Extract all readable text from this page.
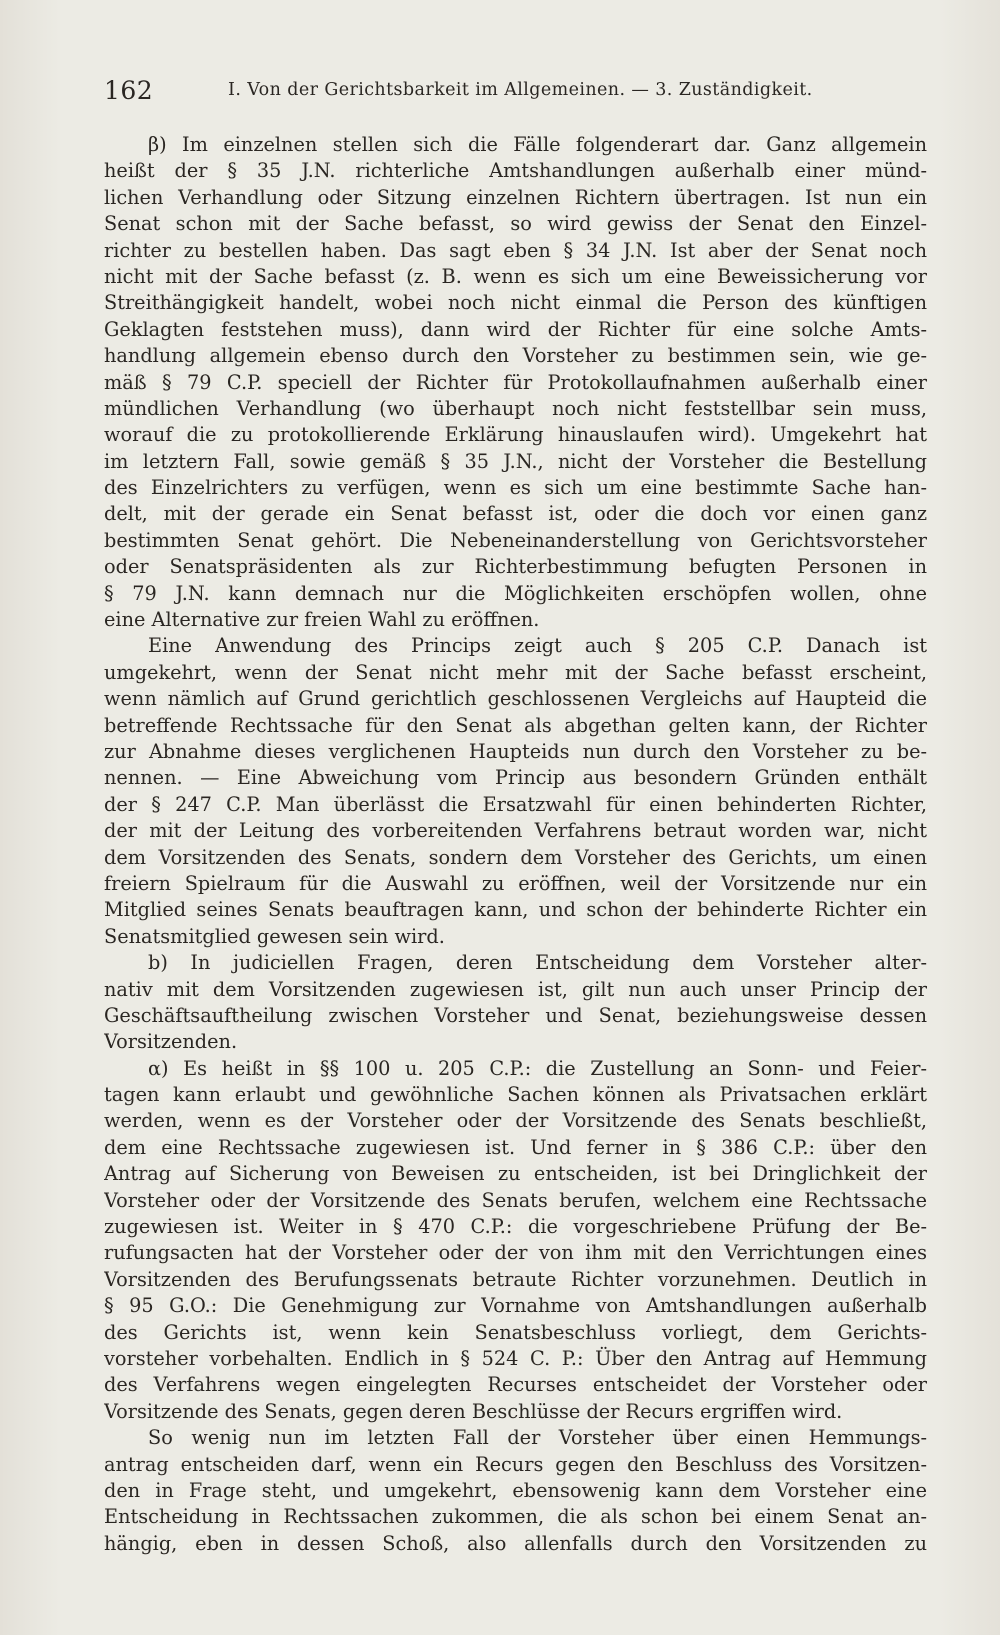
162	I. Von der Gerichtsbarkeit im Allgemeinen. — 3. Zuständigkeit.
β) Im einzelnen stellen sich die Fälle folgenderart dar. Ganz allgemein
heißt der § 35 J.N. richterliche Amtshandlungen außerhalb einer münd-
lichen Verhandlung oder Sitzung einzelnen Richtern übertragen. Ist nun ein
Senat schon mit der Sache befasst, so wird gewiss der Senat den Einzel-
richter zu bestellen haben. Das sagt eben § 34 J.N. Ist aber der Senat noch
nicht mit der Sache befasst (z. B. wenn es sich um eine Beweissicherung vor
Streithängigkeit handelt, wobei noch nicht einmal die Person des künftigen
Geklagten feststehen muss), dann wird der Richter für eine solche Amts-
handlung allgemein ebenso durch den Vorsteher zu bestimmen sein, wie ge-
mäß § 79 C.P. speciell der Richter für Protokollaufnahmen außerhalb einer
mündlichen Verhandlung (wo überhaupt noch nicht feststellbar sein muss,
worauf die zu protokollierende Erklärung hinauslaufen wird). Umgekehrt hat
im letztern Fall, sowie gemäß § 35 J.N., nicht der Vorsteher die Bestellung
des Einzelrichters zu verfügen, wenn es sich um eine bestimmte Sache han-
delt, mit der gerade ein Senat befasst ist, oder die doch vor einen ganz
bestimmten Senat gehört. Die Nebeneinanderstellung von Gerichtsvorsteher
oder Senatspräsidenten als zur Richterbestimmung befugten Personen in
§ 79 J.N. kann demnach nur die Möglichkeiten erschöpfen wollen, ohne
eine Alternative zur freien Wahl zu eröffnen.
Eine Anwendung des Princips zeigt auch § 205 C.P. Danach ist
umgekehrt, wenn der Senat nicht mehr mit der Sache befasst erscheint,
wenn nämlich auf Grund gerichtlich geschlossenen Vergleichs auf Haupteid die
betreffende Rechtssache für den Senat als abgethan gelten kann, der Richter
zur Abnahme dieses verglichenen Haupteids nun durch den Vorsteher zu be-
nennen. — Eine Abweichung vom Princip aus besondern Gründen enthält
der § 247 C.P. Man überlässt die Ersatzwahl für einen behinderten Richter,
der mit der Leitung des vorbereitenden Verfahrens betraut worden war, nicht
dem Vorsitzenden des Senats, sondern dem Vorsteher des Gerichts, um einen
freiern Spielraum für die Auswahl zu eröffnen, weil der Vorsitzende nur ein
Mitglied seines Senats beauftragen kann, und schon der behinderte Richter ein
Senatsmitglied gewesen sein wird.
b) In judiciellen Fragen, deren Entscheidung dem Vorsteher alter-
nativ mit dem Vorsitzenden zugewiesen ist, gilt nun auch unser Princip der
Geschäftsauftheilung zwischen Vorsteher und Senat, beziehungsweise dessen
Vorsitzenden.
α) Es heißt in §§ 100 u. 205 C.P.: die Zustellung an Sonn- und Feier-
tagen kann erlaubt und gewöhnliche Sachen können als Privatsachen erklärt
werden, wenn es der Vorsteher oder der Vorsitzende des Senats beschließt,
dem eine Rechtssache zugewiesen ist. Und ferner in § 386 C.P.: über den
Antrag auf Sicherung von Beweisen zu entscheiden, ist bei Dringlichkeit der
Vorsteher oder der Vorsitzende des Senats berufen, welchem eine Rechtssache
zugewiesen ist. Weiter in § 470 C.P.: die vorgeschriebene Prüfung der Be-
rufungsacten hat der Vorsteher oder der von ihm mit den Verrichtungen eines
Vorsitzenden des Berufungssenats betraute Richter vorzunehmen. Deutlich in
§ 95 G.O.: Die Genehmigung zur Vornahme von Amtshandlungen außerhalb
des Gerichts ist, wenn kein Senatsbeschluss vorliegt, dem Gerichts-
vorsteher vorbehalten. Endlich in § 524 C. P.: Über den Antrag auf Hemmung
des Verfahrens wegen eingelegten Recurses entscheidet der Vorsteher oder
Vorsitzende des Senats, gegen deren Beschlüsse der Recurs ergriffen wird.
So wenig nun im letzten Fall der Vorsteher über einen Hemmungs-
antrag entscheiden darf, wenn ein Recurs gegen den Beschluss des Vorsitzen-
den in Frage steht, und umgekehrt, ebensowenig kann dem Vorsteher eine
Entscheidung in Rechtssachen zukommen, die als schon bei einem Senat an-
hängig, eben in dessen Schoß, also allenfalls durch den Vorsitzenden zu
